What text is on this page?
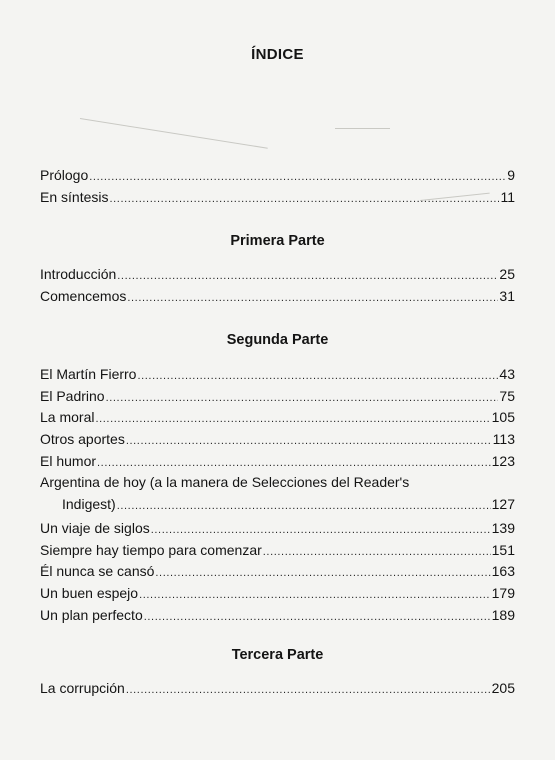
ÍNDICE
Prólogo .....	9
En síntesis .....	11
Primera Parte
Introducción .....	25
Comencemos .....	31
Segunda Parte
El Martín Fierro .....	43
El Padrino .....	75
La moral .....	105
Otros aportes .....	113
El humor .....	123
Argentina de hoy (a la manera de Selecciones del Reader's
Indigest) .....	127
Un viaje de siglos .....	139
Siempre hay tiempo para comenzar .....	151
Él nunca se cansó .....	163
Un buen espejo .....	179
Un plan perfecto .....	189
Tercera Parte
La corrupción .....	205
